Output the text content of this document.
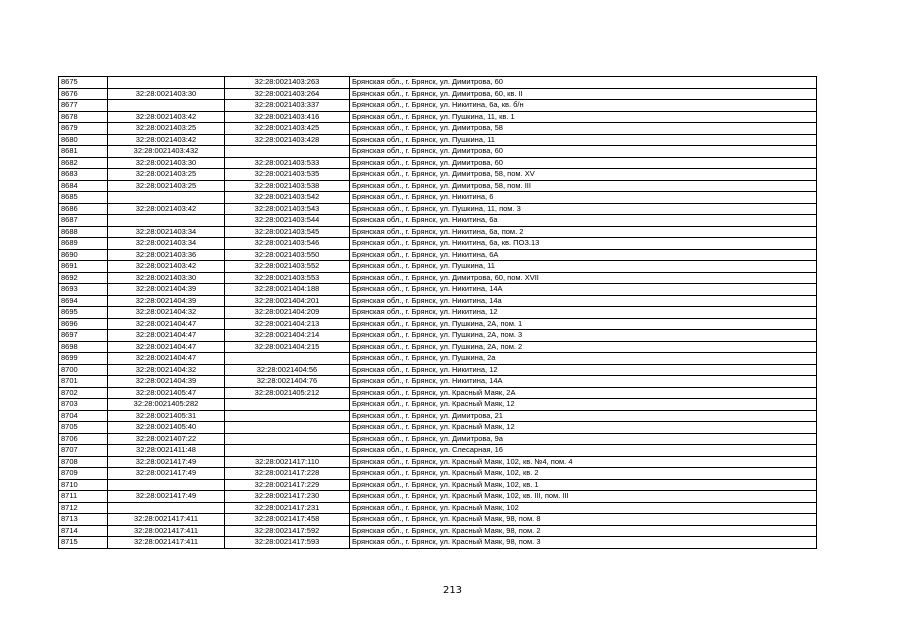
8675		32:28:0021403:263	Брянская обл., г. Брянск, ул. Димитрова, 60
8676	32:28:0021403:30	32:28:0021403:264	Брянская обл., г. Брянск, ул. Димитрова, 60, кв. II
8677		32:28:0021403:337	Брянская обл., г. Брянск, ул. Никитина, 6а, кв. б/н
8678	32:28:0021403:42	32:28:0021403:416	Брянская обл., г. Брянск, ул. Пушкина, 11, кв. 1
8679	32:28:0021403:25	32:28:0021403:425	Брянская обл., г. Брянск, ул. Димитрова, 58
8680	32:28:0021403:42	32:28:0021403:428	Брянская обл., г. Брянск, ул. Пушкина, 11
8681	32:28:0021403:432		Брянская обл., г. Брянск, ул. Димитрова, 60
8682	32:28:0021403:30	32:28:0021403:533	Брянская обл., г. Брянск, ул. Димитрова, 60
8683	32:28:0021403:25	32:28:0021403:535	Брянская обл., г. Брянск, ул. Димитрова, 58, пом. XV
8684	32:28:0021403:25	32:28:0021403:538	Брянская обл., г. Брянск, ул. Димитрова, 58, пом. III
8685		32:28:0021403:542	Брянская обл., г. Брянск, ул. Никитина, 6
8686	32:28:0021403:42	32:28:0021403:543	Брянская обл., г. Брянск, ул. Пушкина, 11, пом. 3
8687		32:28:0021403:544	Брянская обл., г. Брянск, ул. Никитина, 6а
8688	32:28:0021403:34	32:28:0021403:545	Брянская обл., г. Брянск, ул. Никитина, 6а, пом. 2
8689	32:28:0021403:34	32:28:0021403:546	Брянская обл., г. Брянск, ул. Никитина, 6а, кв. ПОЗ.13
8690	32:28:0021403:36	32:28:0021403:550	Брянская обл., г. Брянск, ул. Никитина, 6А
8691	32:28:0021403:42	32:28:0021403:552	Брянская обл., г. Брянск, ул. Пушкина, 11
8692	32:28:0021403:30	32:28:0021403:553	Брянская обл., г. Брянск, ул. Димитрова, 60, пом. XVII
8693	32:28:0021404:39	32:28:0021404:188	Брянская обл., г. Брянск, ул. Никитина, 14А
8694	32:28:0021404:39	32:28:0021404:201	Брянская обл., г. Брянск, ул. Никитина, 14а
8695	32:28:0021404:32	32:28:0021404:209	Брянская обл., г. Брянск, ул. Никитина, 12
8696	32:28:0021404:47	32:28:0021404:213	Брянская обл., г. Брянск, ул. Пушкина, 2А, пом. 1
8697	32:28:0021404:47	32:28:0021404:214	Брянская обл., г. Брянск, ул. Пушкина, 2А, пом. 3
8698	32:28:0021404:47	32:28:0021404:215	Брянская обл., г. Брянск, ул. Пушкина, 2А, пом. 2
8699	32:28:0021404:47		Брянская обл., г. Брянск, ул. Пушкина, 2а
8700	32:28:0021404:32	32:28:0021404:56	Брянская обл., г. Брянск, ул. Никитина, 12
8701	32:28:0021404:39	32:28:0021404:76	Брянская обл., г. Брянск, ул. Никитина, 14А
8702	32:28:0021405:47	32:28:0021405:212	Брянская обл., г. Брянск, ул. Красный Маяк, 2А
8703	32:28:0021405:282		Брянская обл., г. Брянск, ул. Красный Маяк, 12
8704	32:28:0021405:31		Брянская обл., г. Брянск, ул. Димитрова, 21
8705	32:28:0021405:40		Брянская обл., г. Брянск, ул. Красный Маяк, 12
8706	32:28:0021407:22		Брянская обл., г. Брянск, ул. Димитрова, 9а
8707	32:28:0021411:48		Брянская обл., г. Брянск, ул. Слесарная, 16
8708	32:28:0021417:49	32:28:0021417:110	Брянская обл., г. Брянск, ул. Красный Маяк, 102, кв. №4, пом. 4
8709	32:28:0021417:49	32:28:0021417:228	Брянская обл., г. Брянск, ул. Красный Маяк, 102, кв. 2
8710		32:28:0021417:229	Брянская обл., г. Брянск, ул. Красный Маяк, 102, кв. 1
8711	32:28:0021417:49	32:28:0021417:230	Брянская обл., г. Брянск, ул. Красный Маяк, 102, кв. III, пом. III
8712		32:28:0021417:231	Брянская обл., г. Брянск, ул. Красный Маяк, 102
8713	32:28:0021417:411	32:28:0021417:458	Брянская обл., г. Брянск, ул. Красный Маяк, 98, пом. 8
8714	32:28:0021417:411	32:28:0021417:592	Брянская обл., г. Брянск, ул. Красный Маяк, 98, пом. 2
8715	32:28:0021417:411	32:28:0021417:593	Брянская обл., г. Брянск, ул. Красный Маяк, 98, пом. 3
213
